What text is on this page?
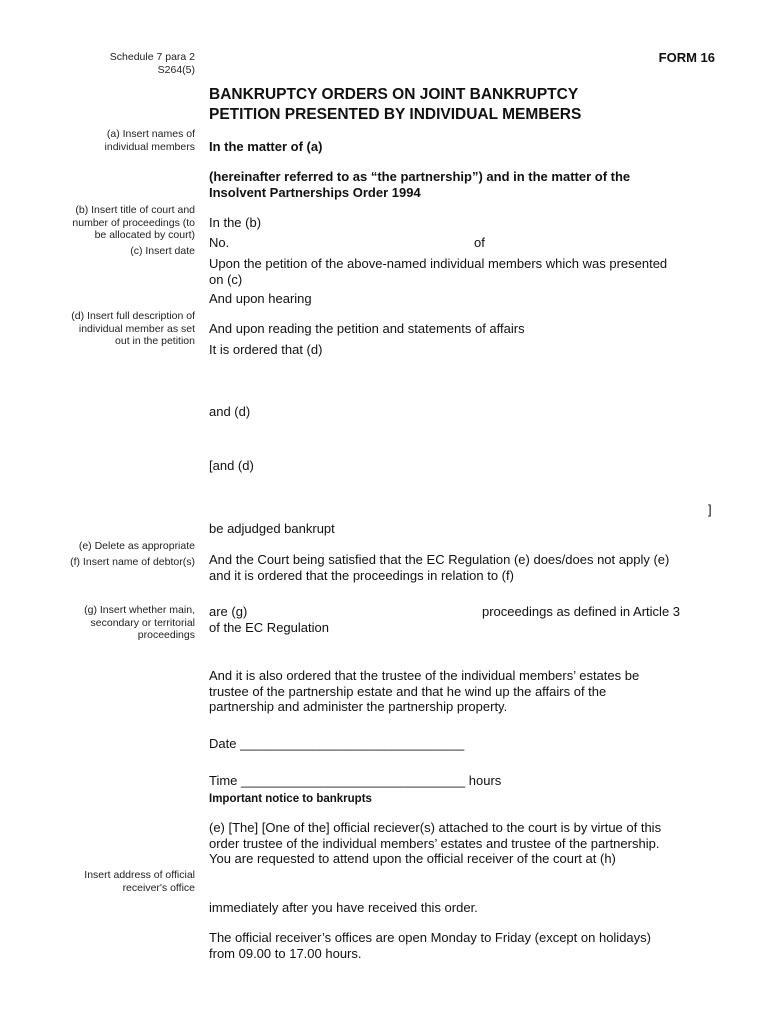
Schedule 7 para 2
S264(5)
FORM 16
BANKRUPTCY ORDERS ON JOINT BANKRUPTCY
PETITION PRESENTED BY INDIVIDUAL MEMBERS
(a) Insert names of
individual members
(b) Insert title of court and
number of proceedings (to
be allocated by court)
(c) Insert date
(d) Insert full description of
individual member as set
out in the petition
(e) Delete as appropriate
(f) Insert name of debtor(s)
(g) Insert whether main,
secondary or territorial
proceedings
Insert address of official
receiver's office
In the matter of (a)
(hereinafter referred to as “the partnership”) and in the matter of the
Insolvent Partnerships Order 1994
In the (b)
No.	of
Upon the petition of the above-named individual members which was presented
on (c)
And upon hearing
And upon reading the petition and statements of affairs
It is ordered that (d)
and (d)
[and (d)
]
be adjudged bankrupt
And the Court being satisfied that the EC Regulation (e) does/does not apply (e)
and it is ordered that the proceedings in relation to (f)
are (g)	proceedings as defined in Article 3
of the EC Regulation
And it is also ordered that the trustee of the individual members’ estates be
trustee of the partnership estate and that he wind up the affairs of the
partnership and administer the partnership property.
Date _______________________________
Time _______________________________ hours
Important notice to bankrupts
(e) [The] [One of the] official reciever(s) attached to the court is by virtue of this
order trustee of the individual members’ estates and trustee of the partnership.
You are requested to attend upon the official receiver of the court at (h)
immediately after you have received this order.
The official receiver’s offices are open Monday to Friday (except on holidays)
from 09.00 to 17.00 hours.
